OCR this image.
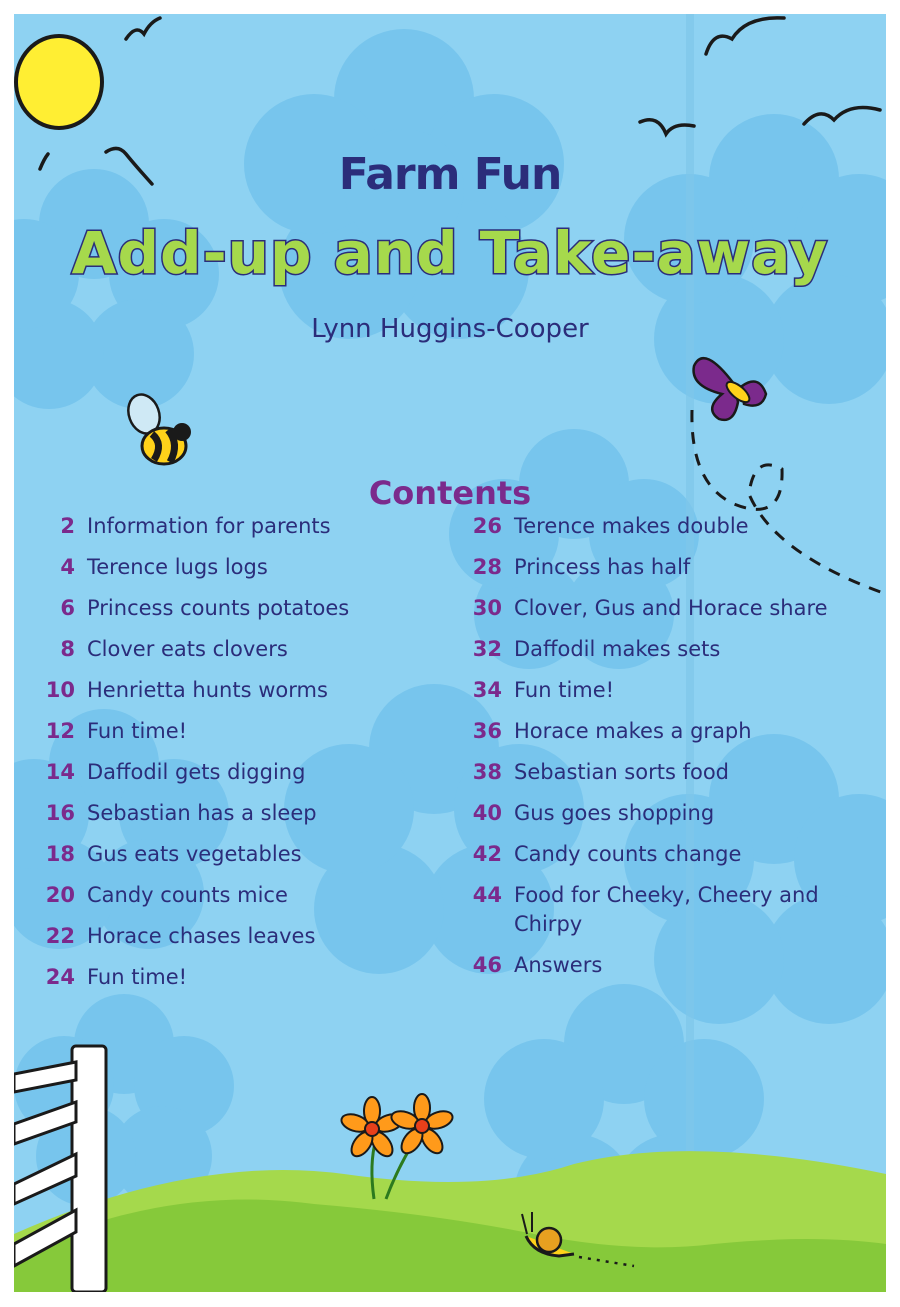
Farm Fun
Add-up and Take-away
Lynn Huggins-Cooper
Contents
2 Information for parents
4 Terence lugs logs
6 Princess counts potatoes
8 Clover eats clovers
10 Henrietta hunts worms
12 Fun time!
14 Daffodil gets digging
16 Sebastian has a sleep
18 Gus eats vegetables
20 Candy counts mice
22 Horace chases leaves
24 Fun time!
26 Terence makes double
28 Princess has half
30 Clover, Gus and Horace share
32 Daffodil makes sets
34 Fun time!
36 Horace makes a graph
38 Sebastian sorts food
40 Gus goes shopping
42 Candy counts change
44 Food for Cheeky, Cheery and Chirpy
46 Answers
